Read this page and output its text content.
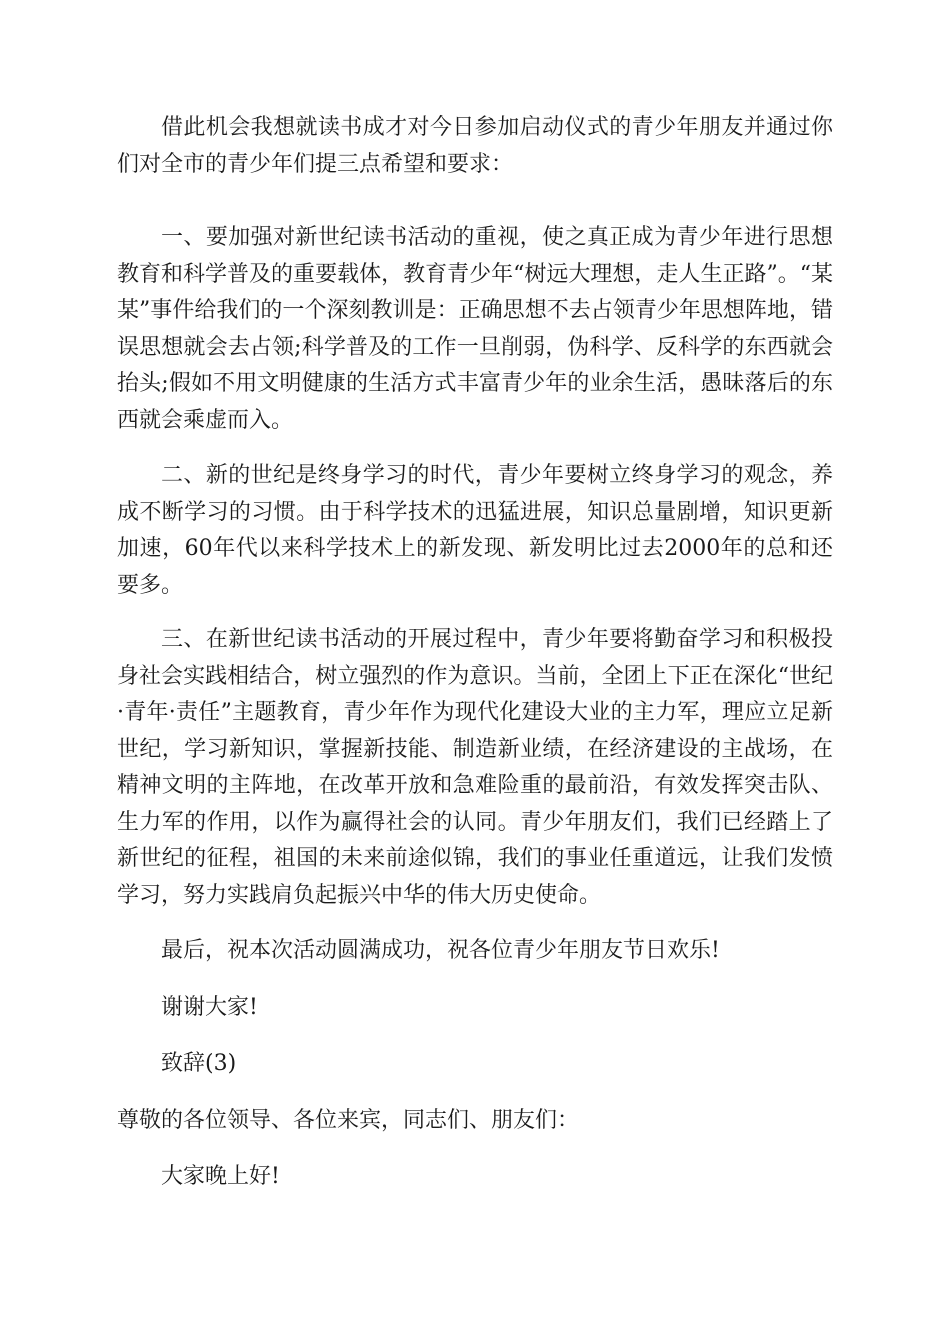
借此机会我想就读书成才对今日参加启动仪式的青少年朋友并通过你们对全市的青少年们提三点希望和要求：

一、要加强对新世纪读书活动的重视，使之真正成为青少年进行思想教育和科学普及的重要载体，教育青少年“树远大理想，走人生正路”。“某某”事件给我们的一个深刻教训是：正确思想不去占领青少年思想阵地，错误思想就会去占领;科学普及的工作一旦削弱，伪科学、反科学的东西就会抬头;假如不用文明健康的生活方式丰富青少年的业余生活，愚昧落后的东西就会乘虚而入。

二、新的世纪是终身学习的时代，青少年要树立终身学习的观念，养成不断学习的习惯。由于科学技术的迅猛进展，知识总量剧增，知识更新加速，60年代以来科学技术上的新发现、新发明比过去2000年的总和还要多。

三、在新世纪读书活动的开展过程中，青少年要将勤奋学习和积极投身社会实践相结合，树立强烈的作为意识。当前，全团上下正在深化“世纪·青年·责任”主题教育，青少年作为现代化建设大业的主力军，理应立足新世纪，学习新知识，掌握新技能、制造新业绩，在经济建设的主战场，在精神文明的主阵地，在改革开放和急难险重的最前沿，有效发挥突击队、生力军的作用，以作为赢得社会的认同。青少年朋友们，我们已经踏上了新世纪的征程，祖国的未来前途似锦，我们的事业任重道远，让我们发愤学习，努力实践肩负起振兴中华的伟大历史使命。

最后，祝本次活动圆满成功，祝各位青少年朋友节日欢乐!

谢谢大家!

致辞(3)

尊敬的各位领导、各位来宾，同志们、朋友们：

大家晚上好!
